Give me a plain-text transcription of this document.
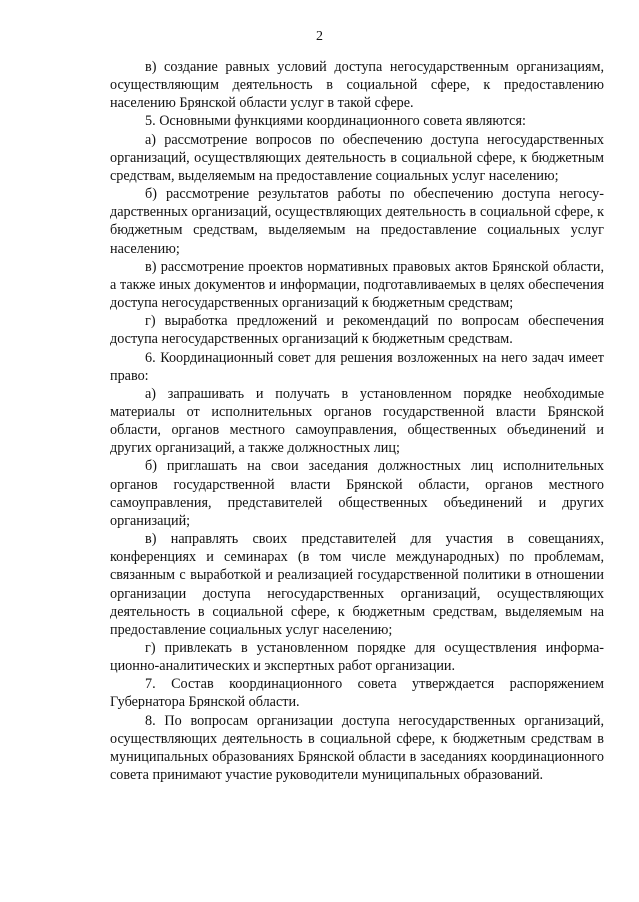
2

в) создание равных условий доступа негосударственным организациям, осуществляющим деятельность в социальной сфере, к предоставлению населению Брянской области услуг в такой сфере.

5. Основными функциями координационного совета являются:

а) рассмотрение вопросов по обеспечению доступа негосударственных организаций, осуществляющих деятельность в социальной сфере, к бюджетным средствам, выделяемым на предоставление социальных услуг населению;

б) рассмотрение результатов работы по обеспечению доступа негосударственных организаций, осуществляющих деятельность в социальной сфере, к бюджетным средствам, выделяемым на предоставление социальных услуг населению;

в) рассмотрение проектов нормативных правовых актов Брянской области, а также иных документов и информации, подготавливаемых в целях обеспечения доступа негосударственных организаций к бюджетным средствам;

г) выработка предложений и рекомендаций по вопросам обеспечения доступа негосударственных организаций к бюджетным средствам.

6. Координационный совет для решения возложенных на него задач имеет право:

а) запрашивать и получать в установленном порядке необходимые материалы от исполнительных органов государственной власти Брянской области, органов местного самоуправления, общественных объединений и других организаций, а также должностных лиц;

б) приглашать на свои заседания должностных лиц исполнительных органов государственной власти Брянской области, органов местного самоуправления, представителей общественных объединений и других организаций;

в) направлять своих представителей для участия в совещаниях, конференциях и семинарах (в том числе международных) по проблемам, связанным с выработкой и реализацией государственной политики в отношении организации доступа негосударственных организаций, осуществляющих деятельность в социальной сфере, к бюджетным средствам, выделяемым на предоставление социальных услуг населению;

г) привлекать в установленном порядке для осуществления информационно-аналитических и экспертных работ организации.

7. Состав координационного совета утверждается распоряжением Губернатора Брянской области.

8. По вопросам организации доступа негосударственных организаций, осуществляющих деятельность в социальной сфере, к бюджетным средствам в муниципальных образованиях Брянской области в заседаниях координационного совета принимают участие руководители муниципальных образований.
